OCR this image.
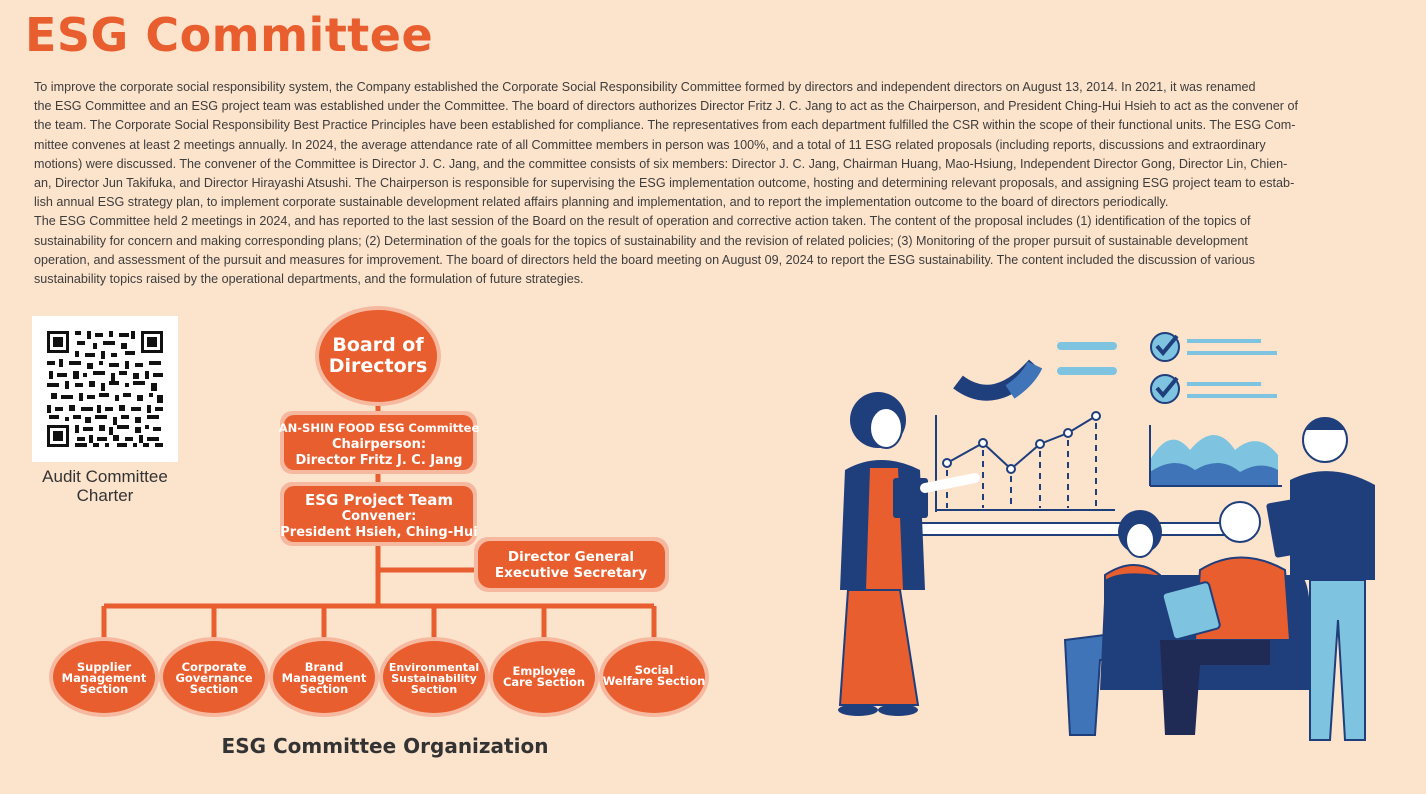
ESG Committee
To improve the corporate social responsibility system, the Company established the Corporate Social Responsibility Committee formed by directors and independent directors on August 13, 2014. In 2021, it was renamed
the ESG Committee and an ESG project team was established under the Committee. The board of directors authorizes Director Fritz J. C. Jang to act as the Chairperson, and President Ching-Hui Hsieh to act as the convener of
the team. The Corporate Social Responsibility Best Practice Principles have been established for compliance. The representatives from each department fulfilled the CSR within the scope of their functional units. The ESG Com-
mittee convenes at least 2 meetings annually. In 2024, the average attendance rate of all Committee members in person was 100%, and a total of 11 ESG related proposals (including reports, discussions and extraordinary
motions) were discussed. The convener of the Committee is Director J. C. Jang, and the committee consists of six members: Director J. C. Jang, Chairman Huang, Mao-Hsiung, Independent Director Gong, Director Lin, Chien-
an, Director Jun Takifuka, and Director Hirayashi Atsushi. The Chairperson is responsible for supervising the ESG implementation outcome, hosting and determining relevant proposals, and assigning ESG project team to estab-
lish annual ESG strategy plan, to implement corporate sustainable development related affairs planning and implementation, and to report the implementation outcome to the board of directors periodically.
The ESG Committee held 2 meetings in 2024, and has reported to the last session of the Board on the result of operation and corrective action taken. The content of the proposal includes (1) identification of the topics of
sustainability for concern and making corresponding plans; (2) Determination of the goals for the topics of sustainability and the revision of related policies; (3) Monitoring of the proper pursuit of sustainable development
operation, and assessment of the pursuit and measures for improvement. The board of directors held the board meeting on August 09, 2024 to report the ESG sustainability. The content included the discussion of various
sustainability topics raised by the operational departments, and the formulation of future strategies.
Audit Committee
Charter
Board of
Directors
AN-SHIN FOOD ESG Committee
Chairperson:
Director Fritz J. C. Jang
ESG Project Team
Convener:
President Hsieh, Ching-Hui
Director General
Executive Secretary
Supplier
Management
Section
Corporate
Governance
Section
Brand
Management
Section
Environmental
Sustainability
Section
Employee
Care Section
Social
Welfare Section
ESG Committee Organization
